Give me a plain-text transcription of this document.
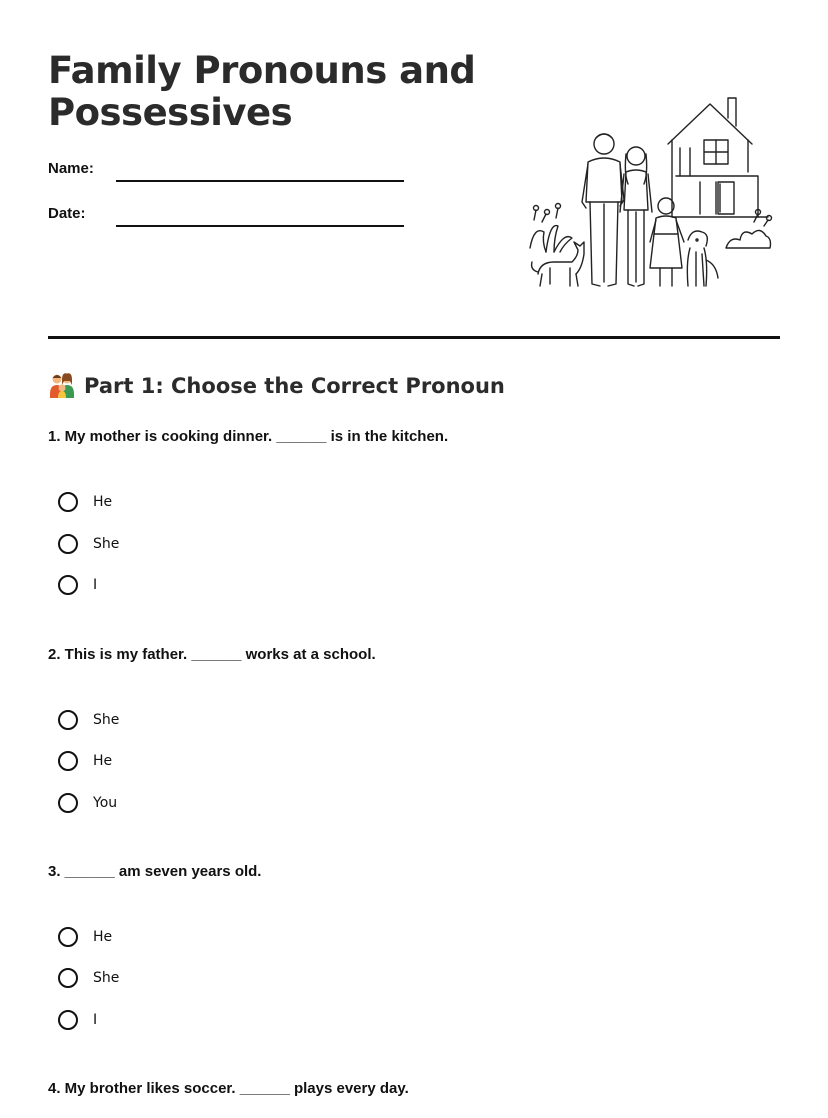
Family Pronouns and Possessives
Name:
Date:
Part 1: Choose the Correct Pronoun

1. My mother is cooking dinner. ______ is in the kitchen.

He
She
I

2. This is my father. ______ works at a school.

She
He
You

3. ______ am seven years old.

He
She
I

4. My brother likes soccer. ______ plays every day.
